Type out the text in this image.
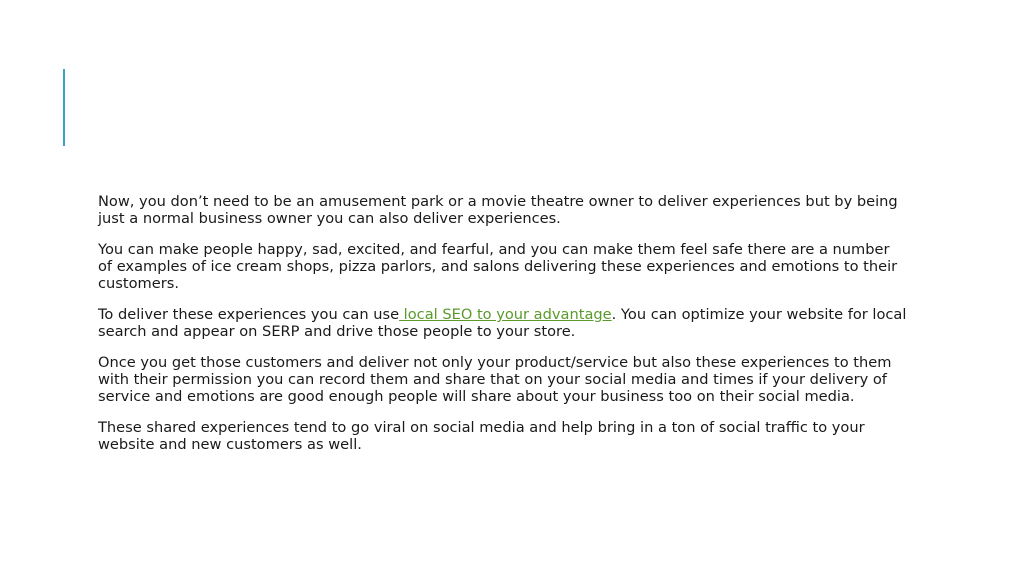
Now, you don’t need to be an amusement park or a movie theatre owner to deliver experiences but by being just a normal business owner you can also deliver experiences.

You can make people happy, sad, excited, and fearful, and you can make them feel safe there are a number of examples of ice cream shops, pizza parlors, and salons delivering these experiences and emotions to their customers.

To deliver these experiences you can use local SEO to your advantage. You can optimize your website for local search and appear on SERP and drive those people to your store.

Once you get those customers and deliver not only your product/service but also these experiences to them with their permission you can record them and share that on your social media and times if your delivery of service and emotions are good enough people will share about your business too on their social media.

These shared experiences tend to go viral on social media and help bring in a ton of social traffic to your website and new customers as well.
